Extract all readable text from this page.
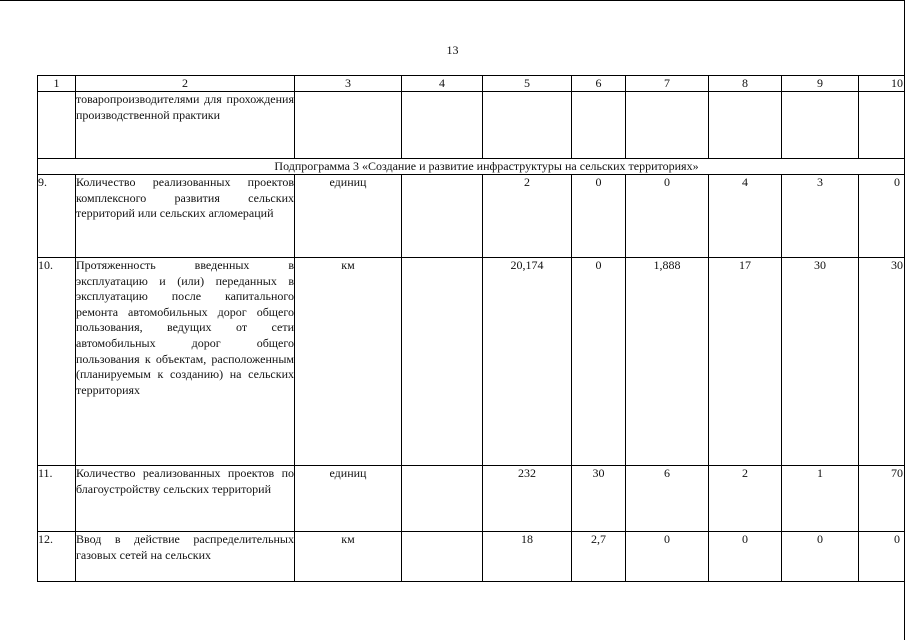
13
1	2	3	4	5	6	7	8	9	10

	товаропроизводителями для прохождения производственной практики								

Подпрограмма 3 «Создание и развитие инфраструктуры на сельских территориях»									
9.	Количество реализованных проектов комплексного развития сельских территорий или сельских агломераций	единиц		2	0	0	4	3	0
10.	Протяженность введенных в эксплуатацию и (или) переданных в эксплуатацию после капитального ремонта автомобильных дорог общего пользования, ведущих от сети автомобильных дорог общего пользования к объектам, расположенным (планируемым к созданию) на сельских территориях	км		20,174	0	1,888	17	30	30
11.	Количество реализованных проектов по благоустройству сельских территорий	единиц		232	30	6	2	1	70
12.	Ввод в действие распределительных газовых сетей на сельских	км		18	2,7	0	0	0	0
